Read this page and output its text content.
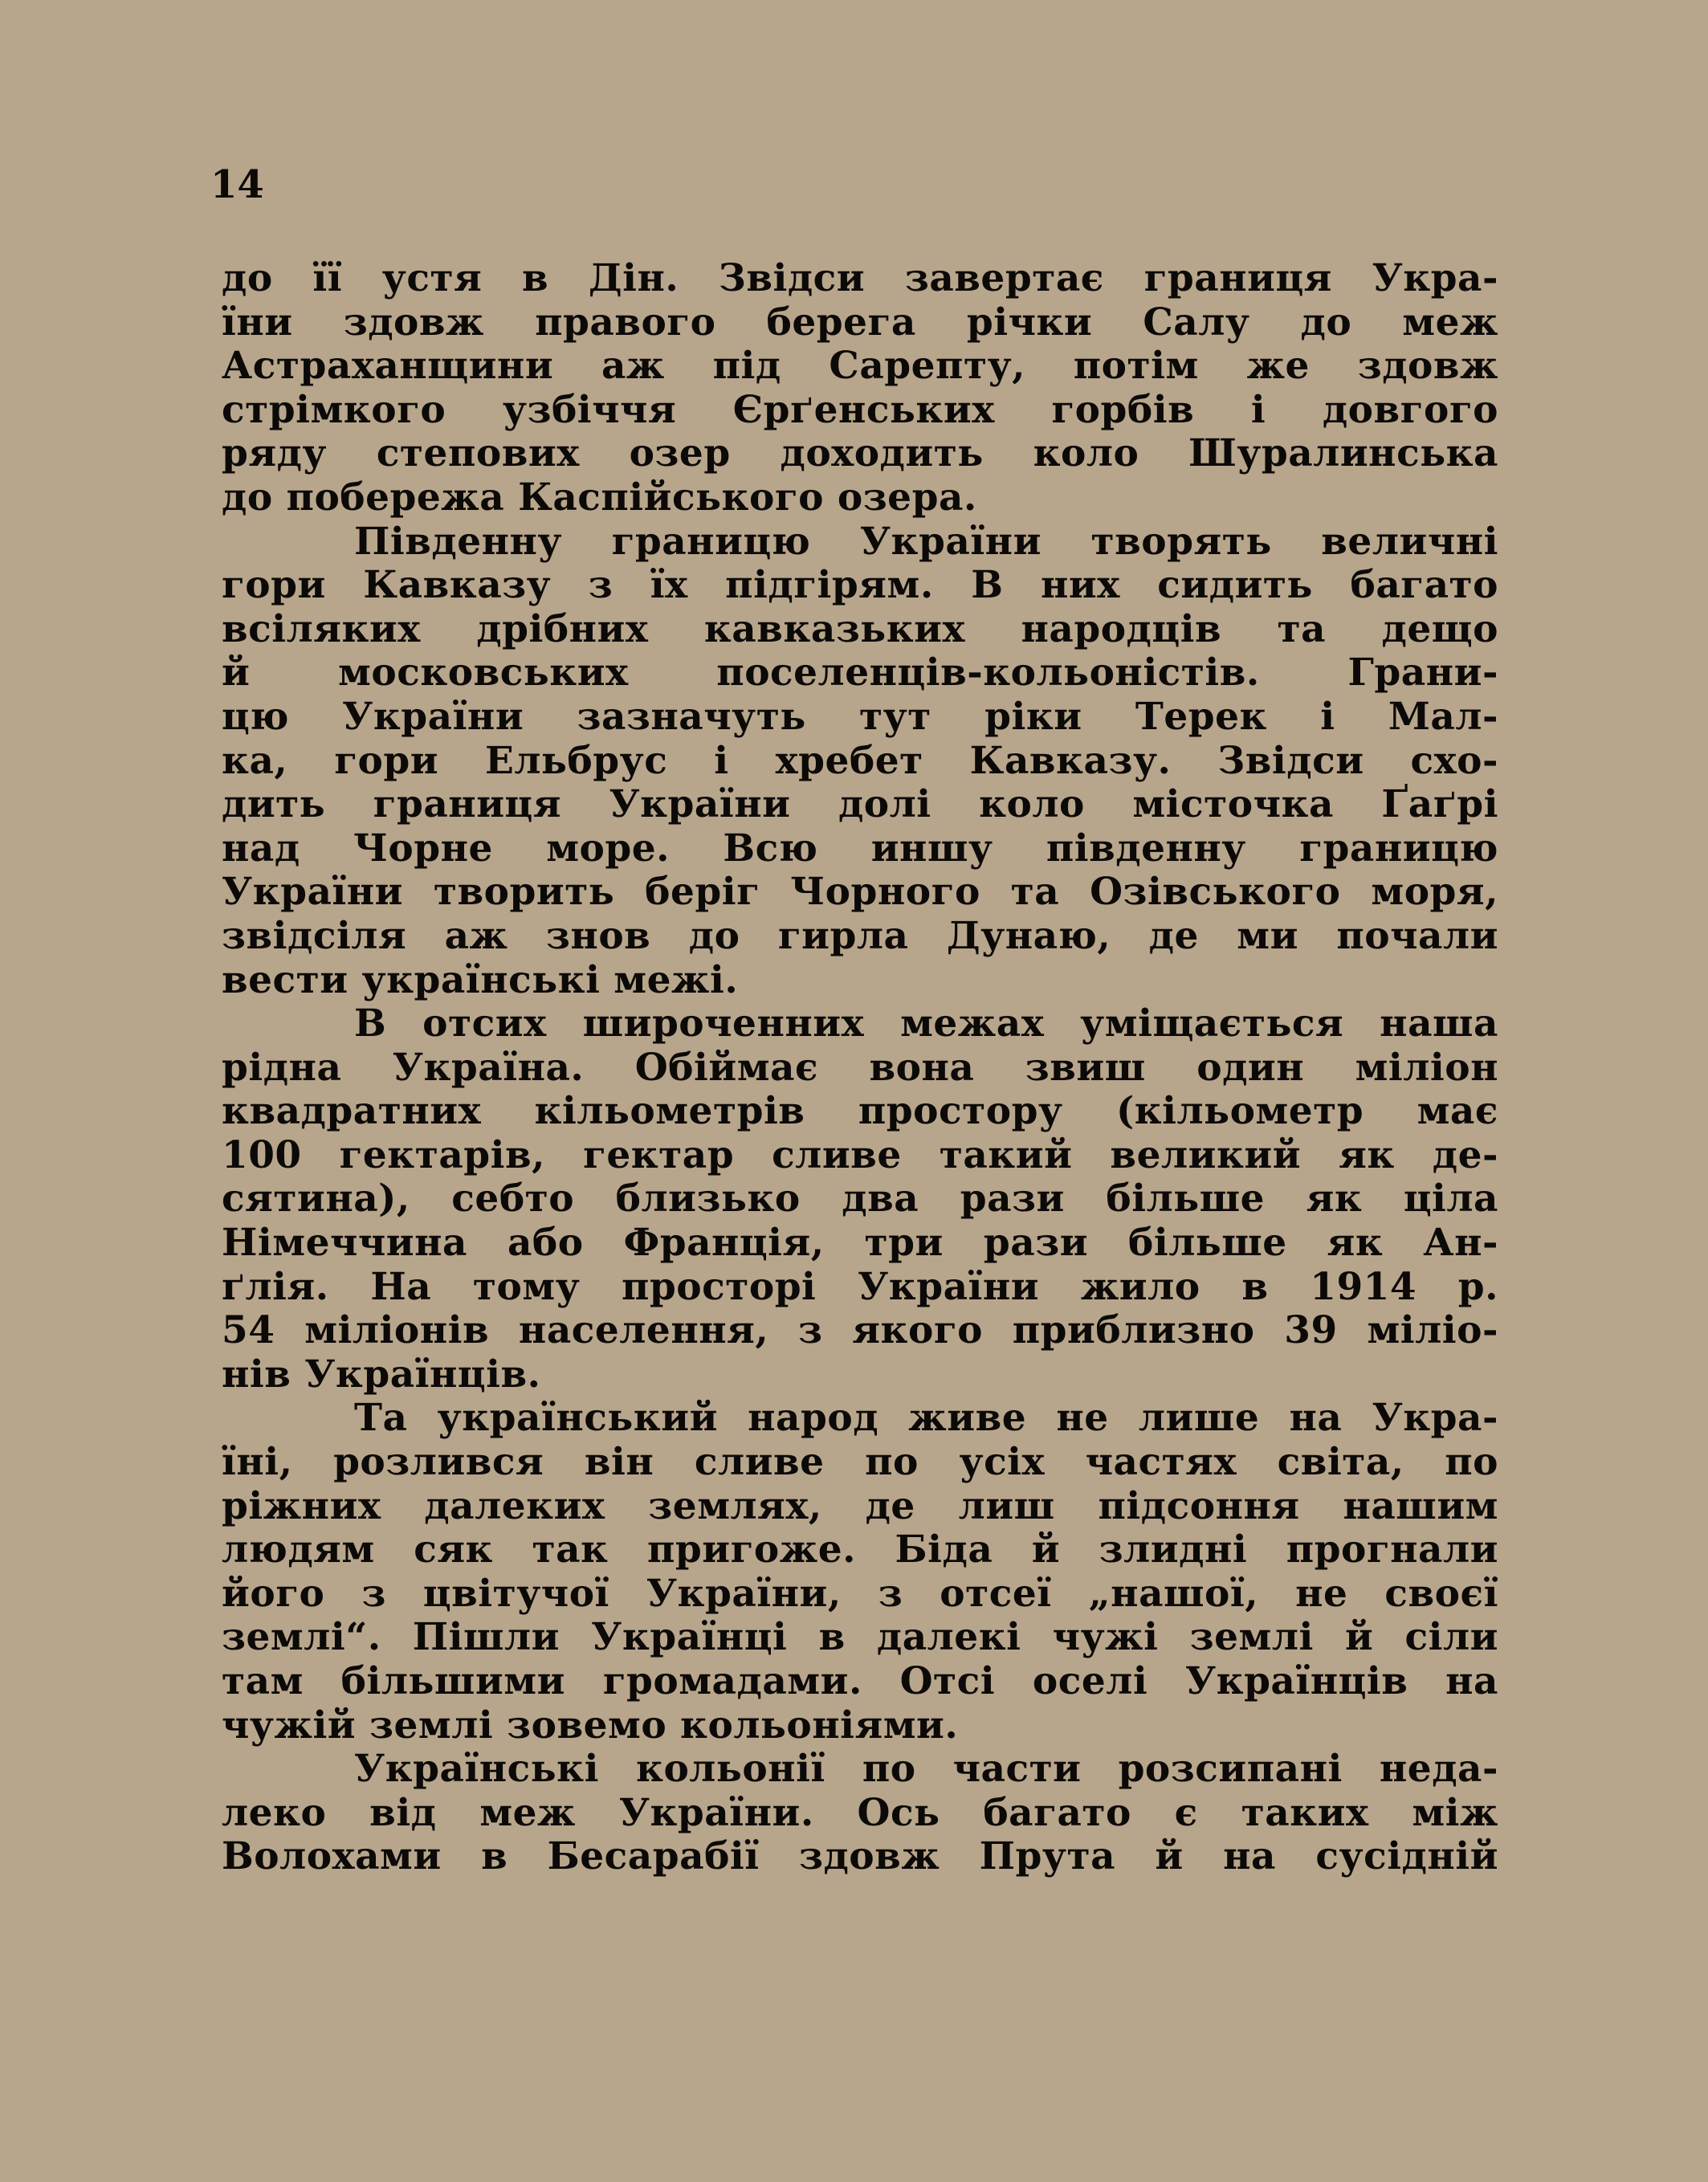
14
до її устя в Дін. Звідси завертає границя Укра-
їни здовж правого берега річки Салу до меж
Астраханщини аж під Сарепту, потім же здовж
стрімкого узбіччя Єрґенських горбів і довгого
ряду степових озер доходить коло Шуралинська
до побережа Каспійського озера.
Південну границю України творять величні
гори Кавказу з їх підгірям. В них сидить багато
всіляких дрібних кавказьких народців та дещо
й московських поселенців-кольоністів. Грани-
цю України зазначуть тут ріки Терек і Мал-
ка, гори Ельбрус і хребет Кавказу. Звідси схо-
дить границя України долі коло місточка Ґаґрі
над Чорне море. Всю иншу південну границю
України творить беріг Чорного та Озівського моря,
звідсіля аж знов до гирла Дунаю, де ми почали
вести українські межі.
В отсих широченних межах уміщається наша
рідна Україна. Обіймає вона звиш один міліон
квадратних кільометрів простору (кільометр має
100 гектарів, гектар сливе такий великий як де-
сятина), себто близько два рази більше як ціла
Німеччина або Франція, три рази більше як Ан-
ґлія. На тому просторі України жило в 1914 р.
54 міліонів населення, з якого приблизно 39 міліо-
нів Українців.
Та український народ живе не лише на Укра-
їні, розлився він сливе по усіх частях світа, по
ріжних далеких землях, де лиш підсоння нашим
людям сяк так пригоже. Біда й злидні прогнали
його з цвітучої України, з отсеї „нашої, не своєї
землі“. Пішли Українці в далекі чужі землі й сіли
там більшими громадами. Отсі оселі Українців на
чужій землі зовемо кольоніями.
Українські кольонії по части розсипані неда-
леко від меж України. Ось багато є таких між
Волохами в Бесарабії здовж Прута й на сусідній
